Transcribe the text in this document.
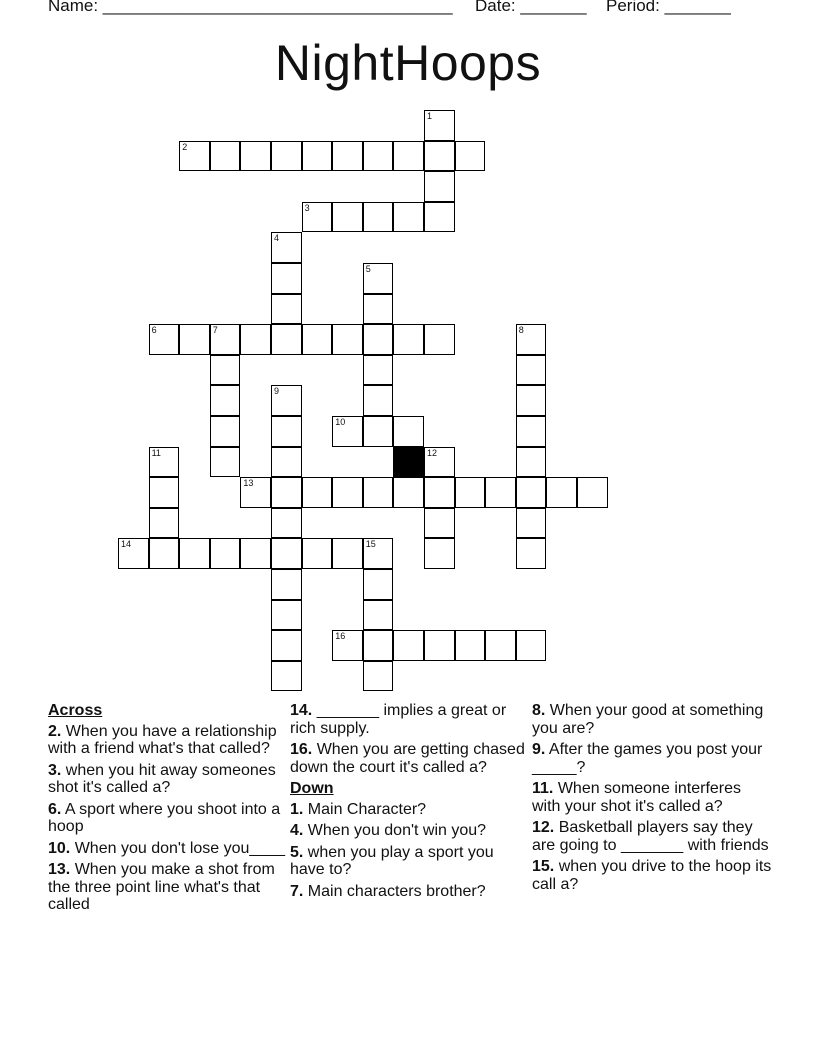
Name: _____________________________________ Date: _______ Period: _______
NightHoops
2
3
6	7
10
13
14	15
16
1
4
5
8
9
11	12
Across
2. When you have a relationship with a friend what's that called?
3. when you hit away someones shot it's called a?
6. A sport where you shoot into a hoop
10. When you don't lose you____
13. When you make a shot from the three point line what's that called
14. _______ implies a great or rich supply.
16. When you are getting chased down the court it's called a?
Down
1. Main Character?
4. When you don't win you?
5. when you play a sport you have to?
7. Main characters brother?
8. When your good at something you are?
9. After the games you post your _____?
11. When someone interferes with your shot it's called a?
12. Basketball players say they are going to _______ with friends
15. when you drive to the hoop its call a?
